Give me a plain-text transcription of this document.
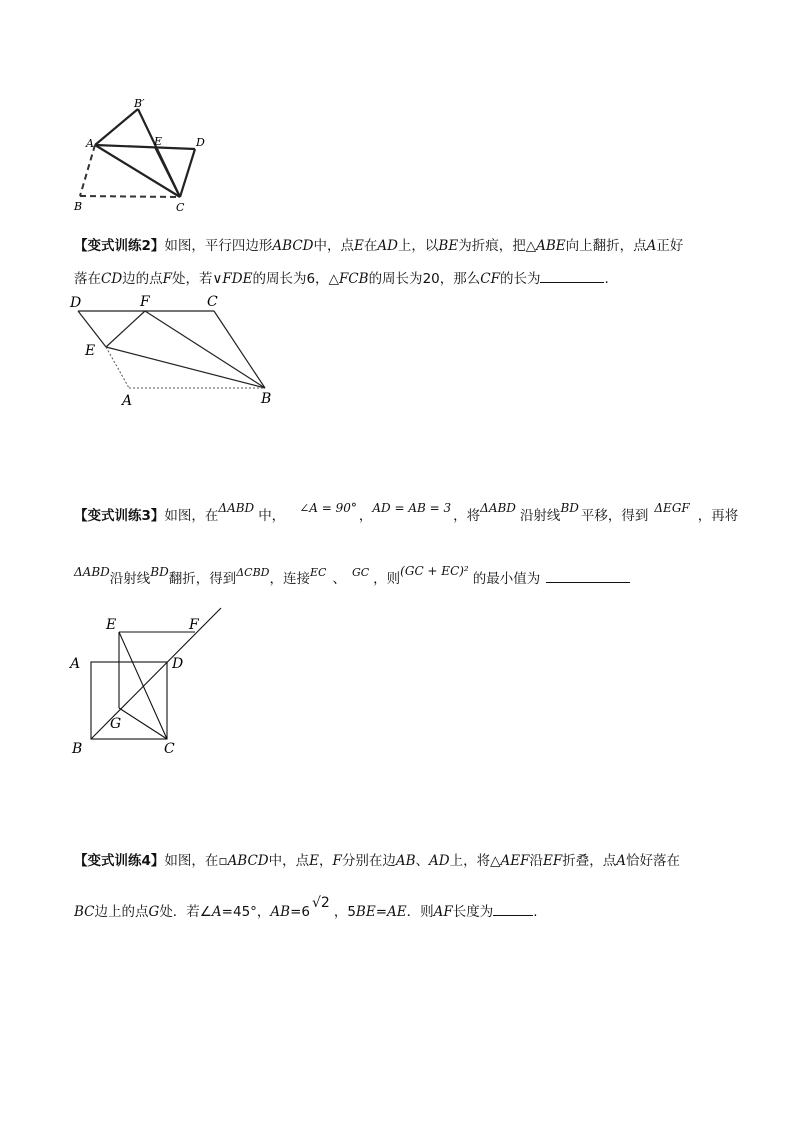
B′
A	E	D
B	C
【变式训练2】如图，平行四边形ABCD中，点E在AD上，以BE为折痕，把△ABE向上翻折，点A正好
落在CD边的点F处，若∨FDE的周长为6，△FCB的周长为20，那么CF的长为	.
D	F	C
E
A	B
【变式训练3】如图，在ΔABD 中， ∠A = 90° ，AD = AB = 3 ，将ΔABD 沿射线BD 平移，得到 ΔEGF ，再将
ΔABD沿射线BD翻折，得到$^{\Delta CBD}$，连接$^{EC}$ 、 $^{GC}$ ，则(GC + EC)² 的最小值为
E	F
A	D
G
B	C
【变式训练4】如图，在▫ABCD中，点E，F分别在边AB、AD上，将△AEF沿EF折叠，点A恰好落在
BC边上的点G处．若∠A=45°，AB=6√2，5BE=AE．则AF长度为	.
